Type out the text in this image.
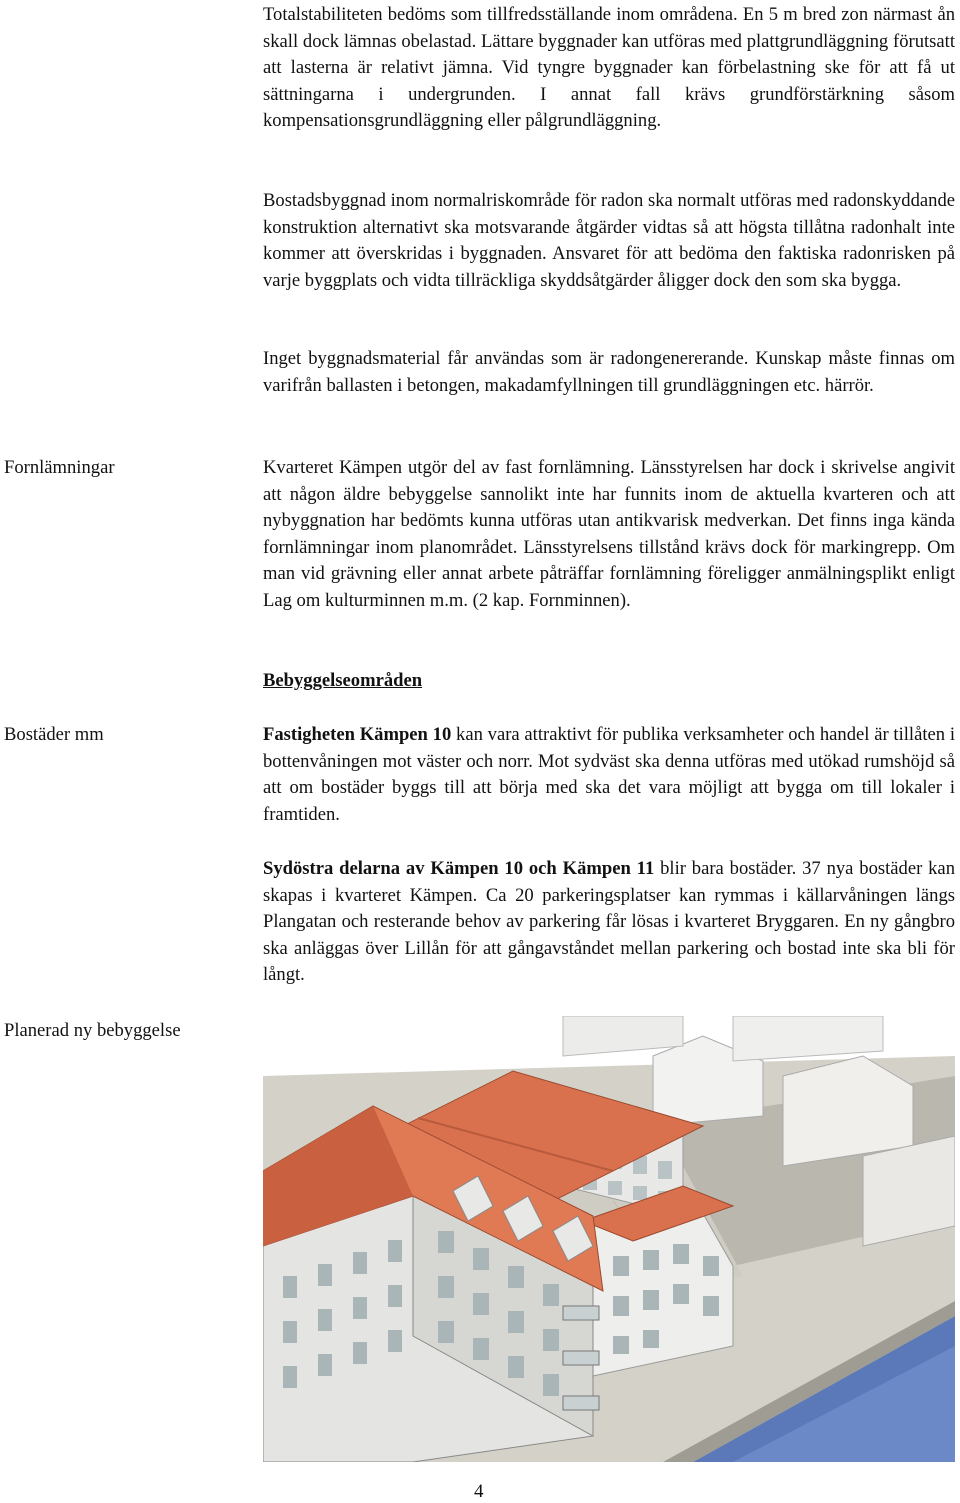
Totalstabiliteten bedöms som tillfredsställande inom områdena. En 5 m bred zon närmast ån skall dock lämnas obelastad. Lättare byggnader kan utföras med plattgrundläggning förutsatt att lasterna är relativt jämna. Vid tyngre byggnader kan förbelastning ske för att få ut sättningarna i undergrunden. I annat fall krävs grundförstärkning såsom kompensationsgrundläggning eller pålgrundläggning.

Bostadsbyggnad inom normalriskområde för radon ska normalt utföras med radonskyddande konstruktion alternativt ska motsvarande åtgärder vidtas så att högsta tillåtna radonhalt inte kommer att överskridas i byggnaden. Ansvaret för att bedöma den faktiska radonrisken på varje byggplats och vidta tillräckliga skyddsåtgärder åligger dock den som ska bygga.

Inget byggnadsmaterial får användas som är radongenererande. Kunskap måste finnas om varifrån ballasten i betongen, makadamfyllningen till grundläggningen etc. härrör.

Fornlämningar	Kvarteret Kämpen utgör del av fast fornlämning. Länsstyrelsen har dock i skrivelse angivit att någon äldre bebyggelse sannolikt inte har funnits inom de aktuella kvarteren och att nybyggnation har bedömts kunna utföras utan antikvarisk medverkan. Det finns inga kända fornlämningar inom planområdet. Länsstyrelsens tillstånd krävs dock för markingrepp. Om man vid grävning eller annat arbete påträffar fornlämning föreligger anmälningsplikt enligt Lag om kulturminnen m.m. (2 kap. Fornminnen).

Bebyggelseområden

Bostäder mm	Fastigheten Kämpen 10 kan vara attraktivt för publika verksamheter och handel är tillåten i bottenvåningen mot väster och norr. Mot sydväst ska denna utföras med utökad rumshöjd så att om bostäder byggs till att börja med ska det vara möjligt att bygga om till lokaler i framtiden.

Sydöstra delarna av Kämpen 10 och Kämpen 11 blir bara bostäder. 37 nya bostäder kan skapas i kvarteret Kämpen. Ca 20 parkeringsplatser kan rymmas i källarvåningen längs Plangatan och resterande behov av parkering får lösas i kvarteret Bryggaren. En ny gångbro ska anläggas över Lillån för att gångavståndet mellan parkering och bostad inte ska bli för långt.

Planerad ny bebyggelse

4
